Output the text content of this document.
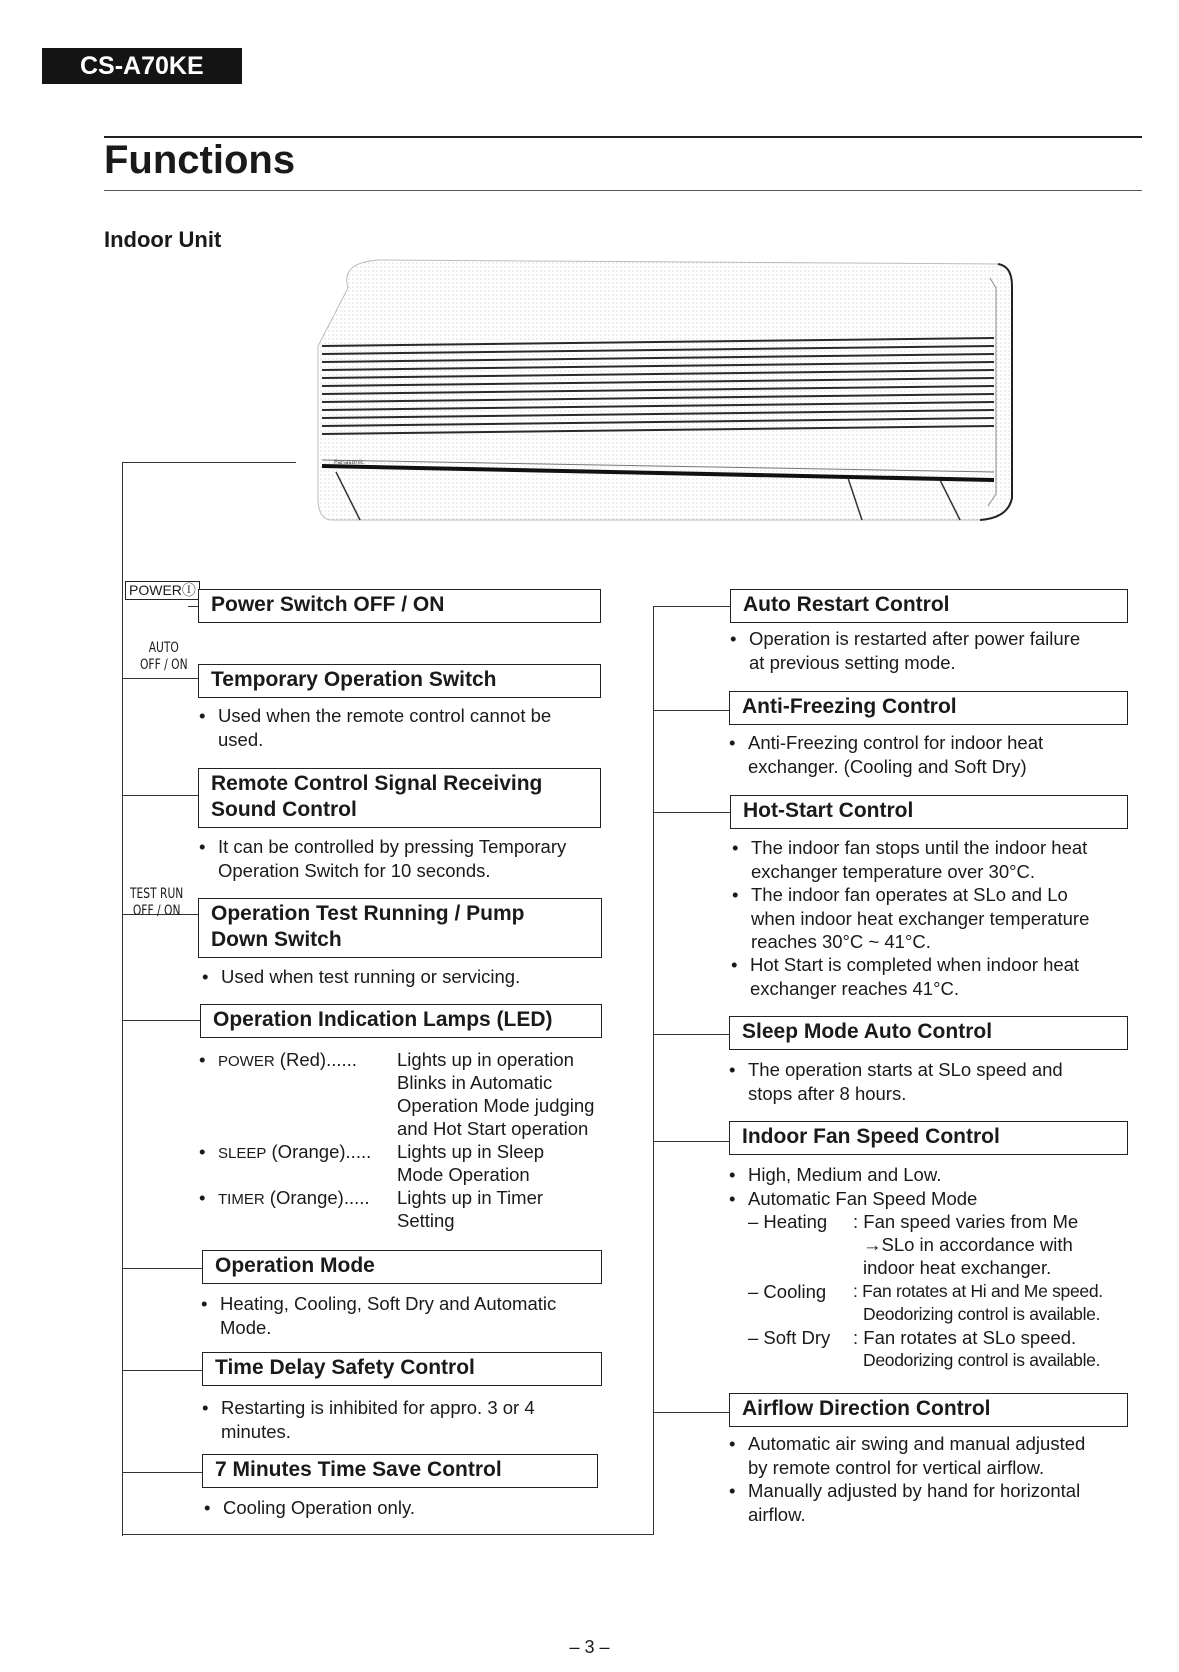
CS-A70KE
Functions
Indoor Unit
Panasonic
POWERⒾ
AUTO
OFF / ON
TEST RUN
OFF / ON
Power Switch OFF / ON
Temporary Operation Switch
• Used when the remote control cannot be
used.
Remote Control Signal Receiving
Sound Control
• It can be controlled by pressing Temporary
Operation Switch for 10 seconds.
Operation Test Running / Pump
Down Switch
• Used when test running or servicing.
Operation Indication Lamps (LED)
• POWER (Red)...... Lights up in operation
Blinks in Automatic
Operation Mode judging
and Hot Start operation
• SLEEP (Orange)..... Lights up in Sleep
Mode Operation
• TIMER (Orange)..... Lights up in Timer
Setting
Operation Mode
• Heating, Cooling, Soft Dry and Automatic
Mode.
Time Delay Safety Control
• Restarting is inhibited for appro. 3 or 4
minutes.
7 Minutes Time Save Control
• Cooling Operation only.
Auto Restart Control
• Operation is restarted after power failure
at previous setting mode.
Anti-Freezing Control
• Anti-Freezing control for indoor heat
exchanger. (Cooling and Soft Dry)
Hot-Start Control
• The indoor fan stops until the indoor heat
exchanger temperature over 30°C.
• The indoor fan operates at SLo and Lo
when indoor heat exchanger temperature
reaches 30°C ~ 41°C.
• Hot Start is completed when indoor heat
exchanger reaches 41°C.
Sleep Mode Auto Control
• The operation starts at SLo speed and
stops after 8 hours.
Indoor Fan Speed Control
• High, Medium and Low.
• Automatic Fan Speed Mode
– Heating : Fan speed varies from Me
→SLo in accordance with
indoor heat exchanger.
– Cooling : Fan rotates at Hi and Me speed.
Deodorizing control is available.
– Soft Dry : Fan rotates at SLo speed.
Deodorizing control is available.
Airflow Direction Control
• Automatic air swing and manual adjusted
by remote control for vertical airflow.
• Manually adjusted by hand for horizontal
airflow.
– 3 –
